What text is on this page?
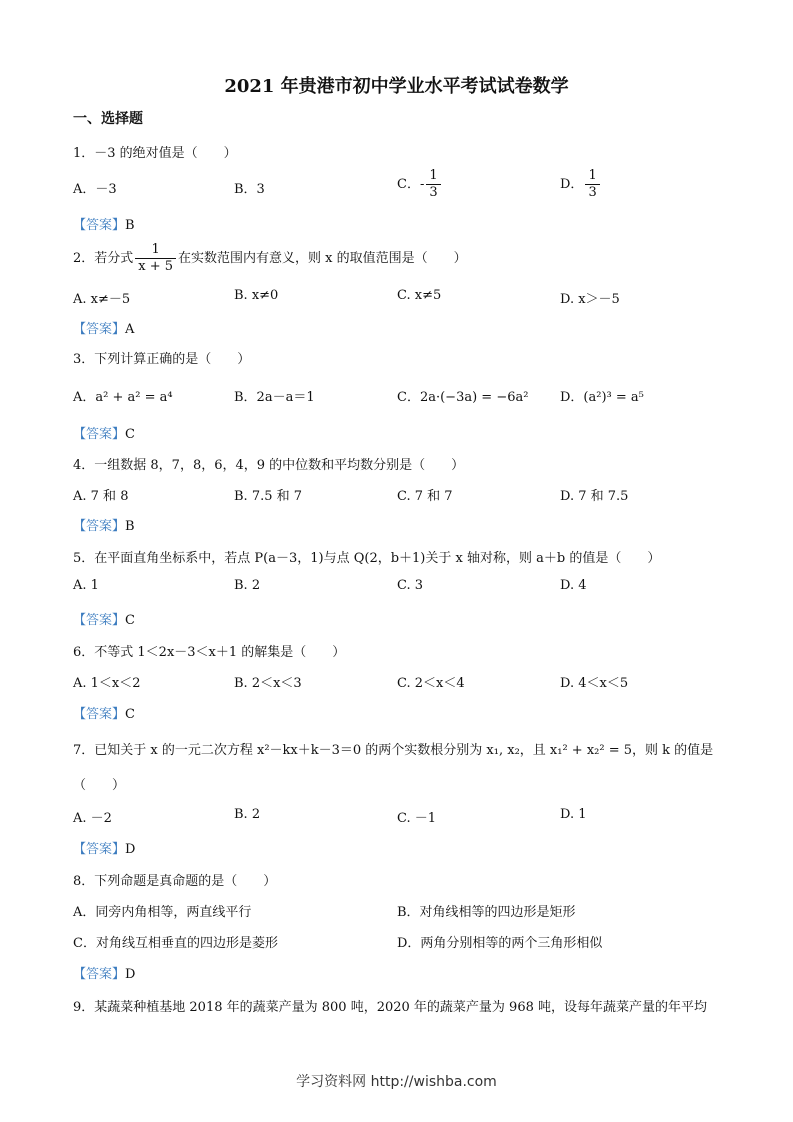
2021 年贵港市初中学业水平考试试卷数学
一、选择题
1．－3 的绝对值是（　　）
A．－3	B．3	C．- $\frac{1}{3}$	D． $\frac{1}{3}$
【答案】B
2．若分式 $\frac{1}{x + 5}$ 在实数范围内有意义，则 x 的取值范围是（　　）
A. x≠－5	B. x≠0	C. x≠5	D. x＞－5
【答案】A
3．下列计算正确的是（　　）
A．a² + a² = a⁴	B．2a－a＝1	C．2a·(−3a) = −6a² D．(a²)³ = a⁵
【答案】C
4．一组数据 8，7，8，6，4，9 的中位数和平均数分别是（　　）
A. 7 和 8	B. 7.5 和 7	C. 7 和 7	D. 7 和 7.5
【答案】B
5．在平面直角坐标系中，若点 P(a－3，1)与点 Q(2，b＋1)关于 x 轴对称，则 a＋b 的值是（　　）
A. 1	B. 2	C. 3	D. 4
【答案】C
6．不等式 1＜2x－3＜x＋1 的解集是（　　）
A. 1＜x＜2	B. 2＜x＜3	C. 2＜x＜4	D. 4＜x＜5
【答案】C
7．已知关于 x 的一元二次方程 x²－kx＋k－3＝0 的两个实数根分别为 x₁, x₂，且 x₁² + x₂² = 5，则 k 的值是
（　　）
A. －2	B. 2	C. －1	D. 1
【答案】D
8．下列命题是真命题的是（　　）
A．同旁内角相等，两直线平行	B．对角线相等的四边形是矩形
C．对角线互相垂直的四边形是菱形	D．两角分别相等的两个三角形相似
【答案】D
9．某蔬菜种植基地 2018 年的蔬菜产量为 800 吨，2020 年的蔬菜产量为 968 吨，设每年蔬菜产量的年平均
学习资料网 http://wishba.com
